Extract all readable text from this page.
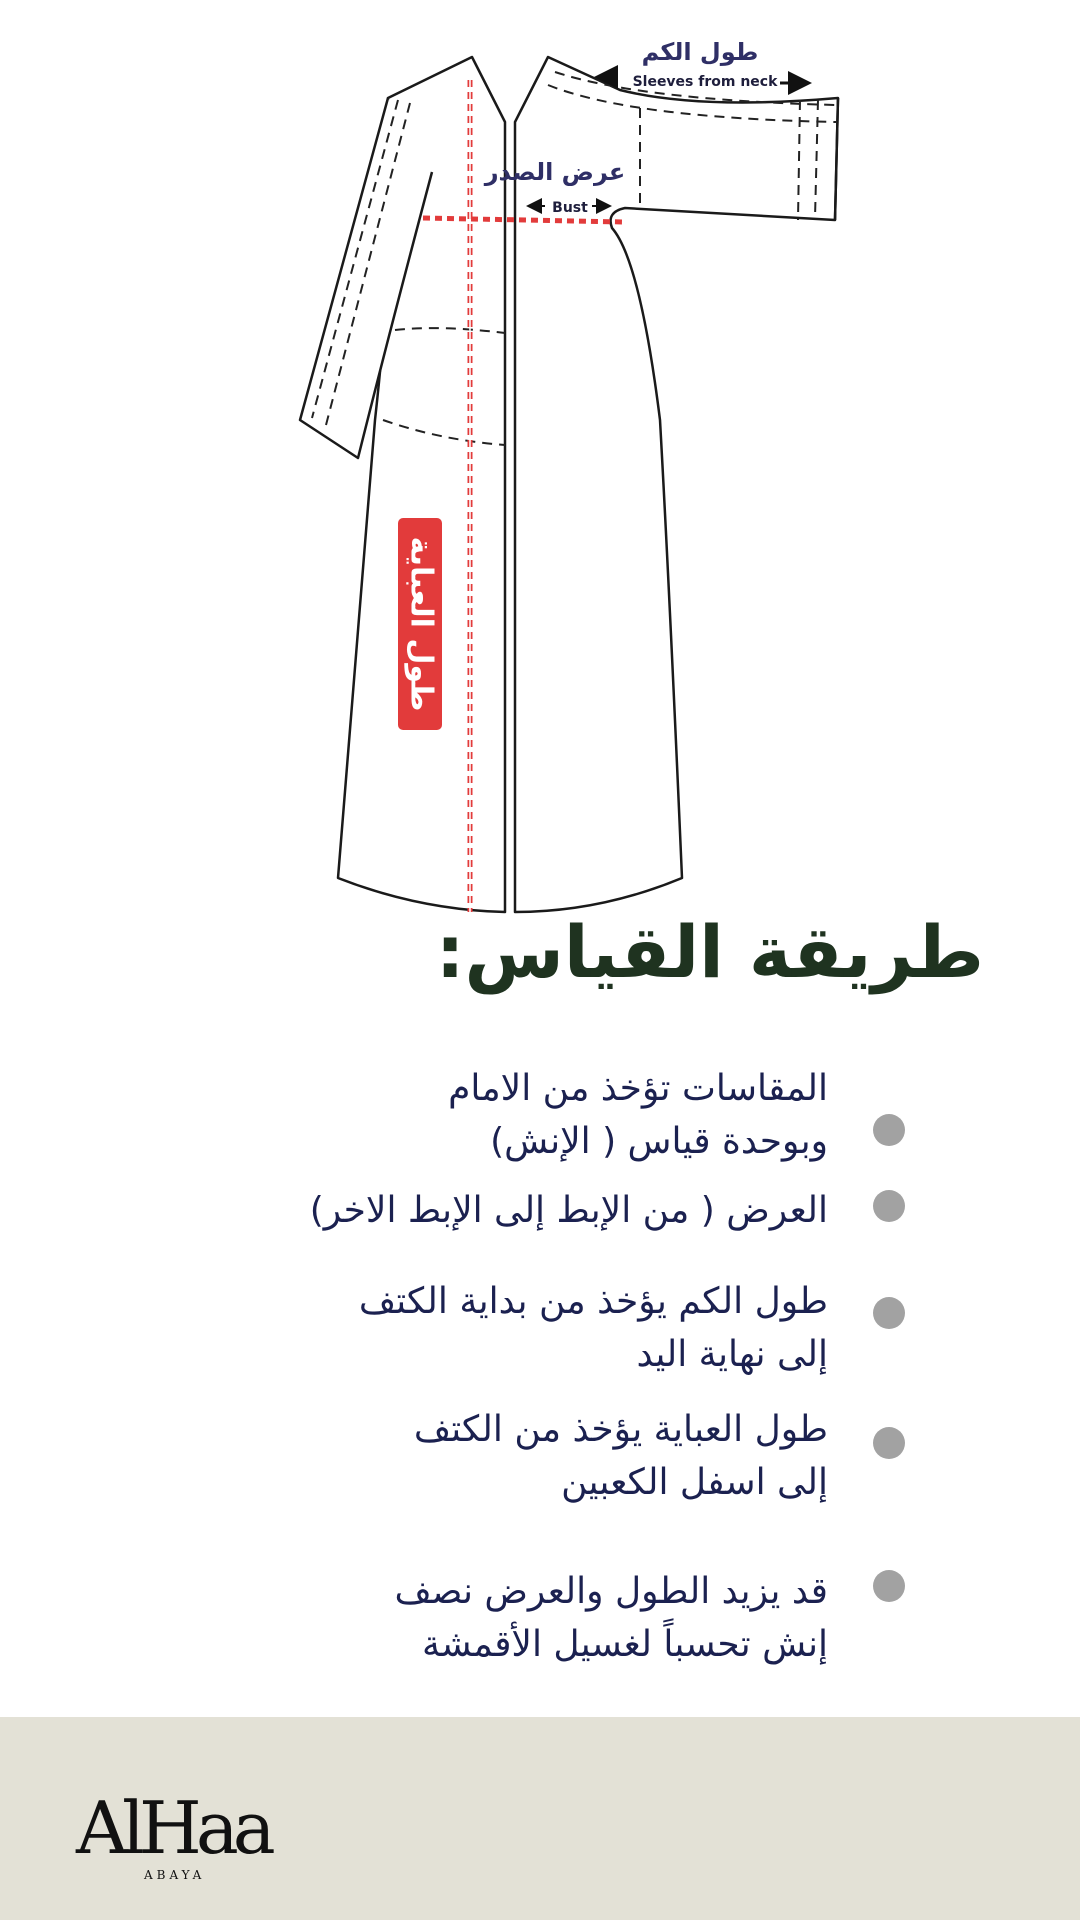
طول الكم
Sleeves from neck
عرض الصدر
Bust
طول العباية
طريقة القياس:
المقاسات تؤخذ من الامام
وبوحدة قياس ( الإنش)
العرض ( من الإبط إلى الإبط الاخر)
طول الكم يؤخذ من بداية الكتف
إلى نهاية اليد
طول العباية يؤخذ من الكتف
إلى اسفل الكعبين
قد يزيد الطول والعرض نصف
إنش تحسباً لغسيل الأقمشة
AlHaa
ABAYA
